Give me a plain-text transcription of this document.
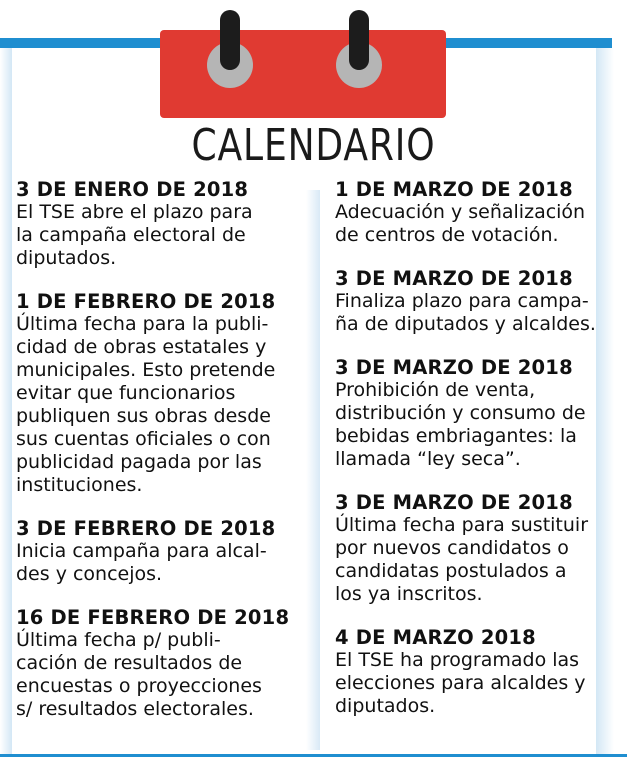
CALENDARIO
3 DE ENERO DE 2018
El TSE abre el plazo para
la campaña electoral de
diputados.
1 DE FEBRERO DE 2018
Última fecha para la publi-
cidad de obras estatales y
municipales. Esto pretende
evitar que funcionarios
publiquen sus obras desde
sus cuentas oficiales o con
publicidad pagada por las
instituciones.
3 DE FEBRERO DE 2018
Inicia campaña para alcal-
des y concejos.
16 DE FEBRERO DE 2018
Última fecha p/ publi-
cación de resultados de
encuestas o proyecciones
s/ resultados electorales.
1 DE MARZO DE 2018
Adecuación y señalización
de centros de votación.
3 DE MARZO DE 2018
Finaliza plazo para campa-
ña de diputados y alcaldes.
3 DE MARZO DE 2018
Prohibición de venta,
distribución y consumo de
bebidas embriagantes: la
llamada “ley seca”.
3 DE MARZO DE 2018
Última fecha para sustituir
por nuevos candidatos o
candidatas postulados a
los ya inscritos.
4 DE MARZO 2018
El TSE ha programado las
elecciones para alcaldes y
diputados.
